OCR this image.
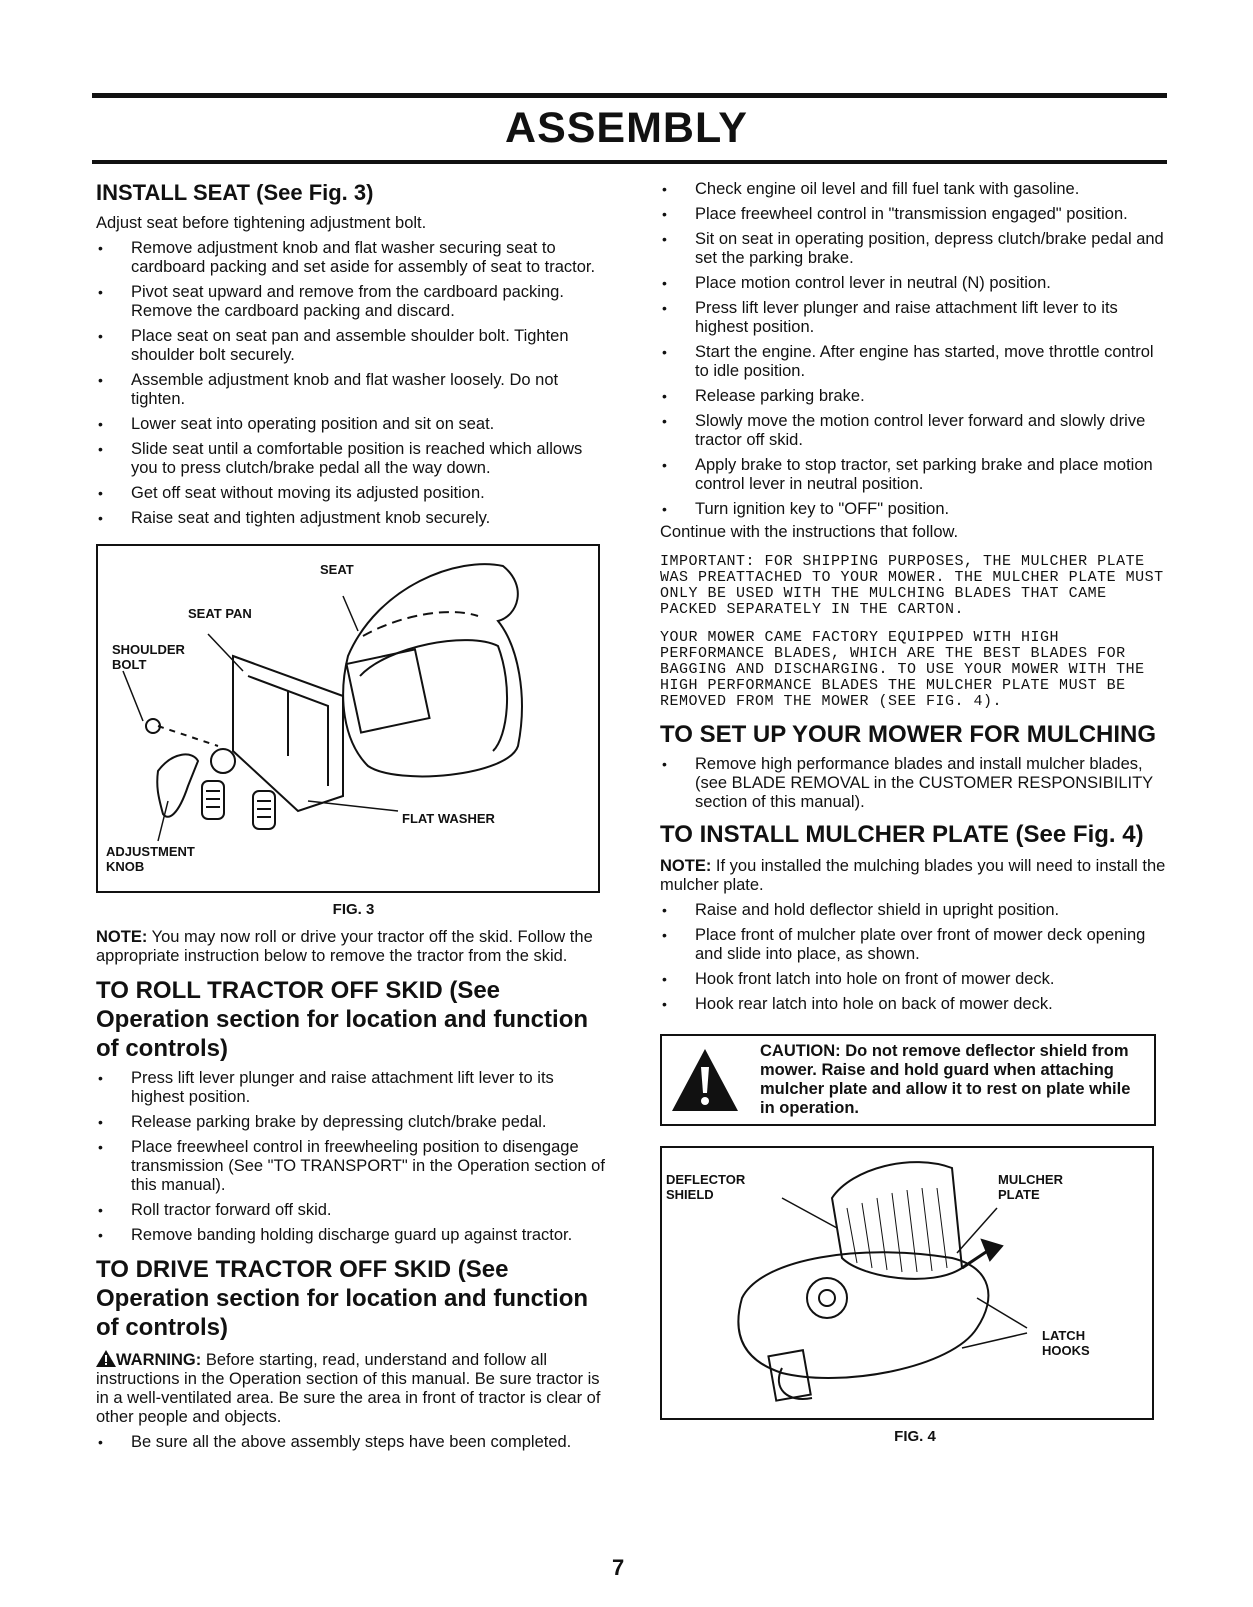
ASSEMBLY
INSTALL SEAT (See Fig. 3)

Adjust seat before tightening adjustment bolt.

• Remove adjustment knob and flat washer securing seat to cardboard packing and set aside for assembly of seat to tractor.
• Pivot seat upward and remove from the cardboard packing. Remove the cardboard packing and discard.
• Place seat on seat pan and assemble shoulder bolt. Tighten shoulder bolt securely.
• Assemble adjustment knob and flat washer loosely. Do not tighten.
• Lower seat into operating position and sit on seat.
• Slide seat until a comfortable position is reached which allows you to press clutch/brake pedal all the way down.
• Get off seat without moving its adjusted position.
• Raise seat and tighten adjustment knob securely.
SEAT
SEAT PAN
SHOULDER BOLT
FLAT WASHER
ADJUSTMENT KNOB
FIG. 3

NOTE: You may now roll or drive your tractor off the skid. Follow the appropriate instruction below to remove the tractor from the skid.

TO ROLL TRACTOR OFF SKID (See Operation section for location and function of controls)
• Press lift lever plunger and raise attachment lift lever to its highest position.
• Release parking brake by depressing clutch/brake pedal.
• Place freewheel control in freewheeling position to disengage transmission (See "TO TRANSPORT" in the Operation section of this manual).
• Roll tractor forward off skid.
• Remove banding holding discharge guard up against tractor.
TO DRIVE TRACTOR OFF SKID (See Operation section for location and function of controls)

WARNING: Before starting, read, understand and follow all instructions in the Operation section of this manual. Be sure tractor is in a well-ventilated area. Be sure the area in front of tractor is clear of other people and objects.

• Be sure all the above assembly steps have been completed.
• Check engine oil level and fill fuel tank with gasoline.
• Place freewheel control in "transmission engaged" position.
• Sit on seat in operating position, depress clutch/brake pedal and set the parking brake.
• Place motion control lever in neutral (N) position.
• Press lift lever plunger and raise attachment lift lever to its highest position.
• Start the engine. After engine has started, move throttle control to idle position.
• Release parking brake.
• Slowly move the motion control lever forward and slowly drive tractor off skid.
• Apply brake to stop tractor, set parking brake and place motion control lever in neutral position.
• Turn ignition key to "OFF" position.

Continue with the instructions that follow.

IMPORTANT: FOR SHIPPING PURPOSES, THE MULCHER PLATE WAS PREATTACHED TO YOUR MOWER. THE MULCHER PLATE MUST ONLY BE USED WITH THE MULCHING BLADES THAT CAME PACKED SEPARATELY IN THE CARTON.

YOUR MOWER CAME FACTORY EQUIPPED WITH HIGH PERFORMANCE BLADES, WHICH ARE THE BEST BLADES FOR BAGGING AND DISCHARGING. TO USE YOUR MOWER WITH THE HIGH PERFORMANCE BLADES THE MULCHER PLATE MUST BE REMOVED FROM THE MOWER (SEE FIG. 4).

TO SET UP YOUR MOWER FOR MULCHING
• Remove high performance blades and install mulcher blades, (see BLADE REMOVAL in the CUSTOMER RESPONSIBILITY section of this manual).
TO INSTALL MULCHER PLATE (See Fig. 4)

NOTE: If you installed the mulching blades you will need to install the mulcher plate.

• Raise and hold deflector shield in upright position.
• Place front of mulcher plate over front of mower deck opening and slide into place, as shown.
• Hook front latch into hole on front of mower deck.
• Hook rear latch into hole on back of mower deck.
CAUTION: Do not remove deflector shield from mower. Raise and hold guard when attaching mulcher plate and allow it to rest on plate while in operation.
DEFLECTOR SHIELD
MULCHER PLATE
LATCH HOOKS
FIG. 4
7
